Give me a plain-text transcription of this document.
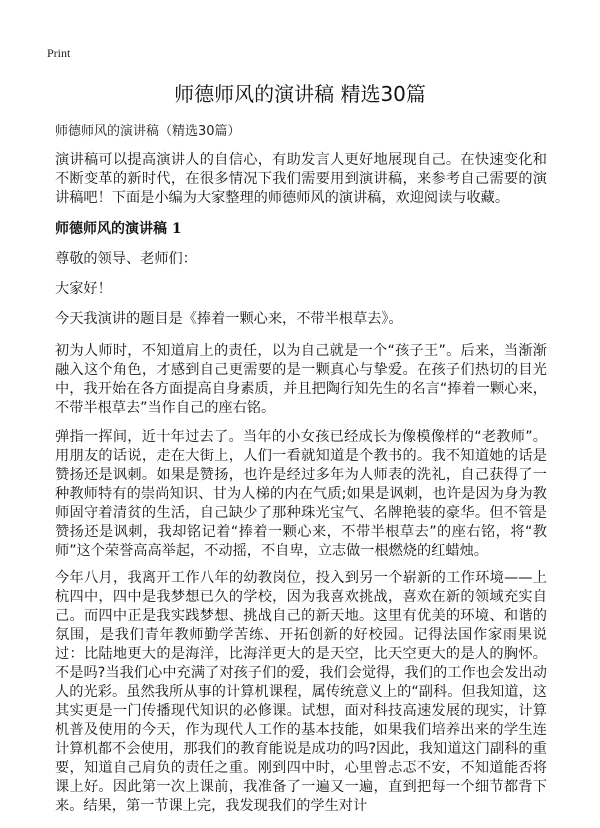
Print
师德师风的演讲稿 精选30篇
师德师风的演讲稿（精选30篇）

演讲稿可以提高演讲人的自信心，有助发言人更好地展现自己。在快速变化和不断变革的新时代，在很多情况下我们需要用到演讲稿，来参考自己需要的演讲稿吧！下面是小编为大家整理的师德师风的演讲稿，欢迎阅读与收藏。

师德师风的演讲稿 1

尊敬的领导、老师们：

大家好！

今天我演讲的题目是《捧着一颗心来，不带半根草去》。

初为人师时，不知道肩上的责任，以为自己就是一个“孩子王”。后来，当渐渐融入这个角色，才感到自己更需要的是一颗真心与挚爱。在孩子们热切的目光中，我开始在各方面提高自身素质，并且把陶行知先生的名言“捧着一颗心来，不带半根草去”当作自己的座右铭。

弹指一挥间，近十年过去了。当年的小女孩已经成长为像模像样的“老教师”。用朋友的话说，走在大街上，人们一看就知道是个教书的。我不知道她的话是赞扬还是讽刺。如果是赞扬，也许是经过多年为人师表的洗礼，自己获得了一种教师特有的崇尚知识、甘为人梯的内在气质;如果是讽刺，也许是因为身为教师固守着清贫的生活，自己缺少了那种珠光宝气、名牌艳装的豪华。但不管是赞扬还是讽刺，我却铭记着“捧着一颗心来，不带半根草去”的座右铭，将“教师”这个荣誉高高举起，不动摇，不自卑，立志做一根燃烧的红蜡烛。

今年八月，我离开工作八年的幼教岗位，投入到另一个崭新的工作环境——上杭四中，四中是我梦想已久的学校，因为我喜欢挑战，喜欢在新的领域充实自己。而四中正是我实践梦想、挑战自己的新天地。这里有优美的环境、和谐的氛围，是我们青年教师勤学苦练、开拓创新的好校园。记得法国作家雨果说过：比陆地更大的是海洋，比海洋更大的是天空，比天空更大的是人的胸怀。不是吗?当我们心中充满了对孩子们的爱，我们会觉得，我们的工作也会发出动人的光彩。虽然我所从事的计算机课程，属传统意义上的“副科。但我知道，这其实更是一门传播现代知识的必修课。试想，面对科技高速发展的现实，计算机普及使用的今天，作为现代人工作的基本技能，如果我们培养出来的学生连计算机都不会使用，那我们的教育能说是成功的吗?因此，我知道这门副科的重要，知道自己肩负的责任之重。刚到四中时，心里曾忐忑不安，不知道能否将课上好。因此第一次上课前，我准备了一遍又一遍，直到把每一个细节都背下来。结果，第一节课上完，我发现我们的学生对计
